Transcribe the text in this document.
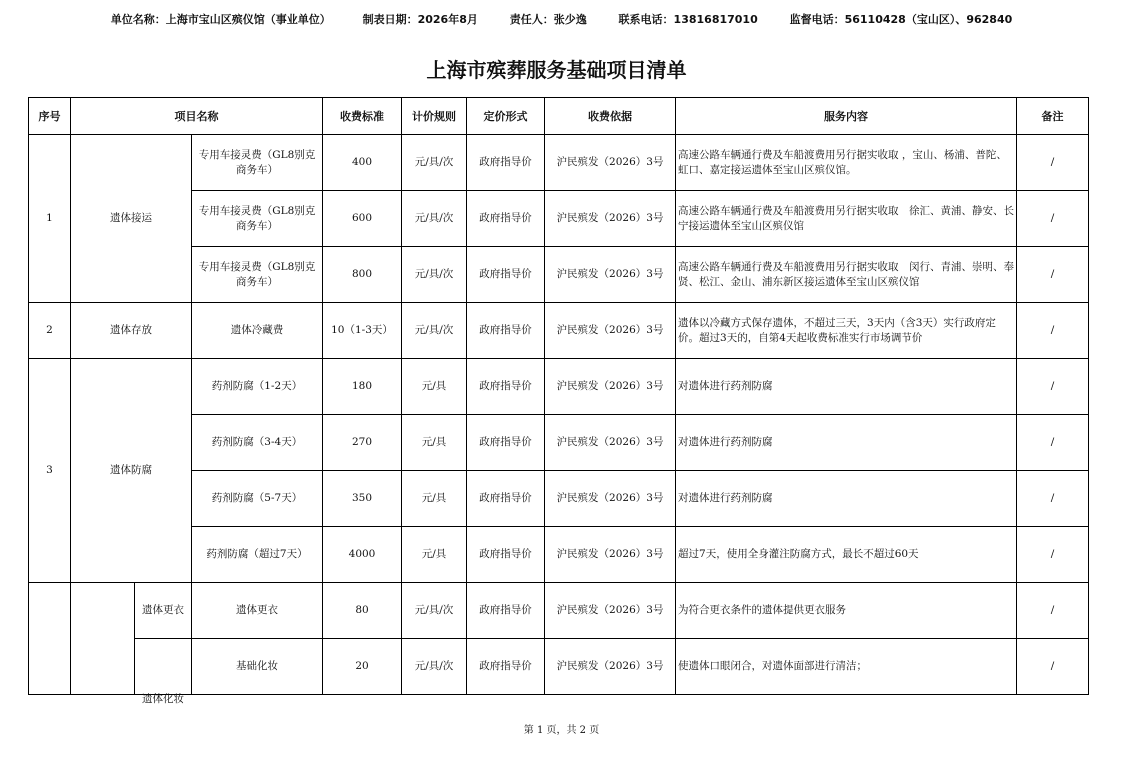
单位名称：上海市宝山区殡仪馆（事业单位）	制表日期：2026年8月	责任人：张少逸	联系电话：13816817010	监督电话：56110428（宝山区）、962840
上海市殡葬服务基础项目清单
序号	项目名称			收费标准	计价规则	定价形式	收费依据	服务内容	备注
1	遗体接运		专用车接灵费（GL8别克商务车）	400	元/具/次	政府指导价	沪民殡发（2026）3号	高速公路车辆通行费及车船渡费用另行据实收取 ，宝山、杨浦、普陀、虹口、嘉定接运遗体至宝山区殡仪馆。	/
			专用车接灵费（GL8别克商务车）	600	元/具/次	政府指导价	沪民殡发（2026）3号	高速公路车辆通行费及车船渡费用另行据实收取　徐汇、黄浦、静安、长宁接运遗体至宝山区殡仪馆	/
			专用车接灵费（GL8别克商务车）	800	元/具/次	政府指导价	沪民殡发（2026）3号	高速公路车辆通行费及车船渡费用另行据实收取　闵行、青浦、崇明、奉贤、松江、金山、浦东新区接运遗体至宝山区殡仪馆	/
2	遗体存放		遗体冷藏费	10（1-3天）	元/具/次	政府指导价	沪民殡发（2026）3号	遗体以冷藏方式保存遗体，不超过三天，3天内（含3天）实行政府定价。超过3天的，自第4天起收费标准实行市场调节价	/
3	遗体防腐		药剂防腐（1-2天）	180	元/具	政府指导价	沪民殡发（2026）3号	对遗体进行药剂防腐	/
			药剂防腐（3-4天）	270	元/具	政府指导价	沪民殡发（2026）3号	对遗体进行药剂防腐	/
			药剂防腐（5-7天）	350	元/具	政府指导价	沪民殡发（2026）3号	对遗体进行药剂防腐	/
			药剂防腐（超过7天）	4000	元/具	政府指导价	沪民殡发（2026）3号	超过7天，使用全身灌注防腐方式，最长不超过60天	/
		遗体更衣	遗体更衣	80	元/具/次	政府指导价	沪民殡发（2026）3号	为符合更衣条件的遗体提供更衣服务	/

		遗体化妆	基础化妆	20	元/具/次	政府指导价	沪民殡发（2026）3号	使遗体口眼闭合，对遗体面部进行清洁；	/
第 1 页，共 2 页
